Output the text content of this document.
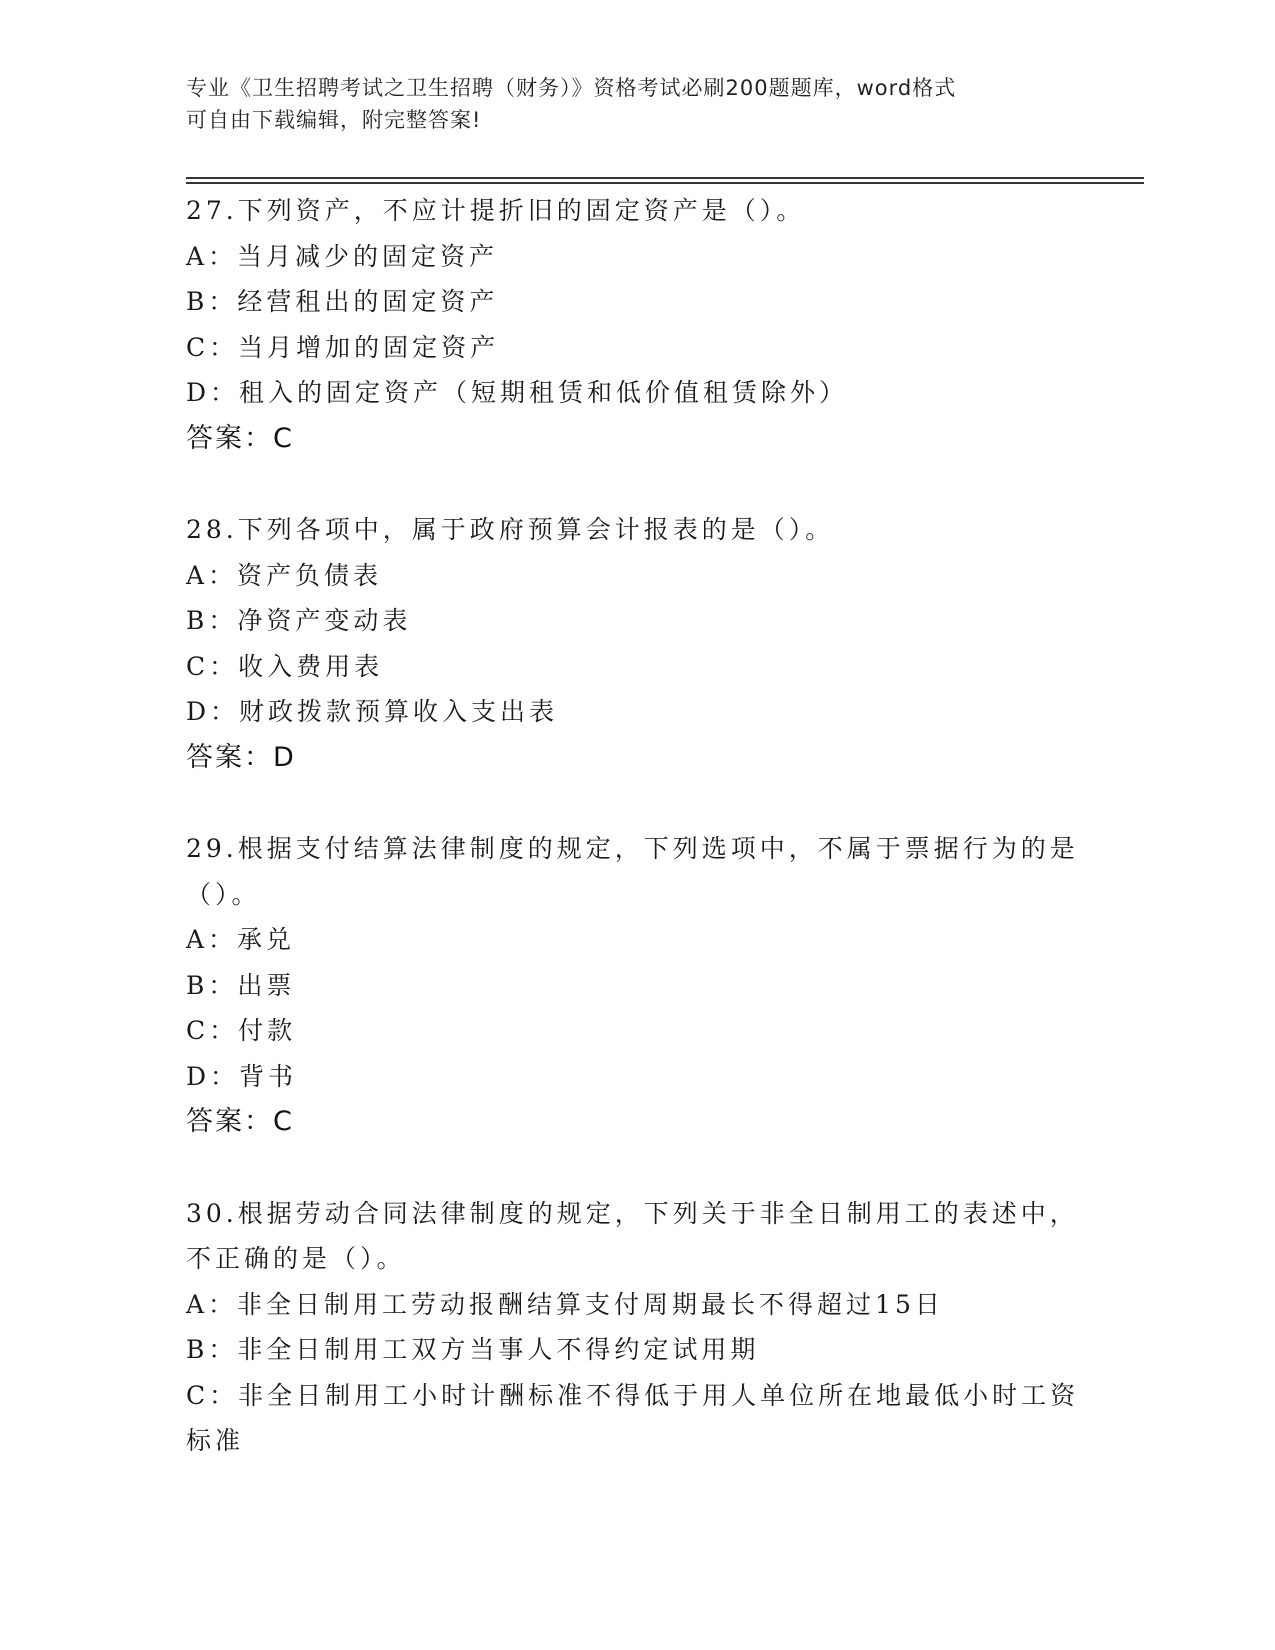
专业《卫生招聘考试之卫生招聘（财务）》资格考试必刷200题题库，word格式
可自由下载编辑，附完整答案!
27.下列资产，不应计提折旧的固定资产是（）。
A：当月减少的固定资产
B：经营租出的固定资产
C：当月增加的固定资产
D：租入的固定资产（短期租赁和低价值租赁除外）
答案：C
28.下列各项中，属于政府预算会计报表的是（）。
A：资产负债表
B：净资产变动表
C：收入费用表
D：财政拨款预算收入支出表
答案：D
29.根据支付结算法律制度的规定，下列选项中，不属于票据行为的是
（）。
A：承兑
B：出票
C：付款
D：背书
答案：C
30.根据劳动合同法律制度的规定，下列关于非全日制用工的表述中，
不正确的是（）。
A：非全日制用工劳动报酬结算支付周期最长不得超过15日
B：非全日制用工双方当事人不得约定试用期
C：非全日制用工小时计酬标准不得低于用人单位所在地最低小时工资
标准
